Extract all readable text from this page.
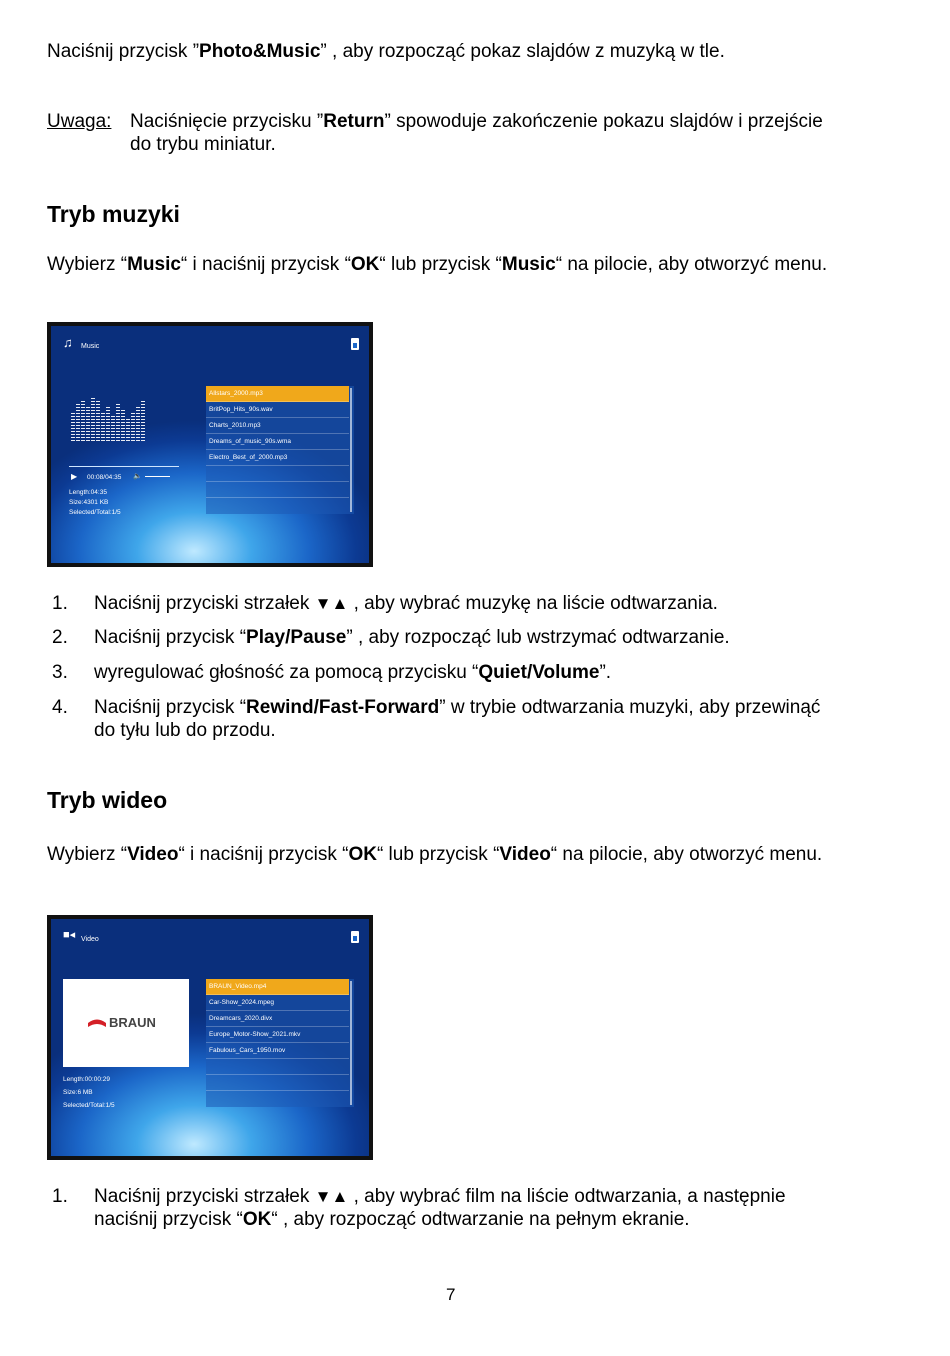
Naciśnij przycisk ”Photo&Music” , aby rozpocząć pokaz slajdów z muzyką w tle.
Uwaga: Naciśnięcie przycisku ”Return” spowoduje zakończenie pokazu slajdów i przejście do trybu miniatur.
Tryb muzyki
Wybierz “Music“ i naciśnij przycisk “OK“ lub przycisk “Music“ na pilocie, aby otworzyć menu.
♫ Music
▶ 00:08/04:35 🔈
Length:04:35
Size:4301 KB
Selected/Total:1/5
Allstars_2000.mp3
BritPop_Hits_90s.wav
Charts_2010.mp3
Dreams_of_music_90s.wma
Electro_Best_of_2000.mp3
1. Naciśnij przyciski strzałek ▼▲ , aby wybrać muzykę na liście odtwarzania.
2. Naciśnij przycisk “Play/Pause” , aby rozpocząć lub wstrzymać odtwarzanie.
3. wyregulować głośność za pomocą przycisku “Quiet/Volume”.
4. Naciśnij przycisk “Rewind/Fast-Forward” w trybie odtwarzania muzyki, aby przewinąć do tyłu lub do przodu.
Tryb wideo
Wybierz “Video“ i naciśnij przycisk “OK“ lub przycisk “Video“ na pilocie, aby otworzyć menu.
■◂ Video
BRAUN
Length:00:00:29
Size:6 MB
Selected/Total:1/5
BRAUN_Video.mp4
Car-Show_2024.mpeg
Dreamcars_2020.divx
Europe_Motor-Show_2021.mkv
Fabulous_Cars_1950.mov
1. Naciśnij przyciski strzałek ▼▲ , aby wybrać film na liście odtwarzania, a następnie naciśnij przycisk “OK“ , aby rozpocząć odtwarzanie na pełnym ekranie.
7
